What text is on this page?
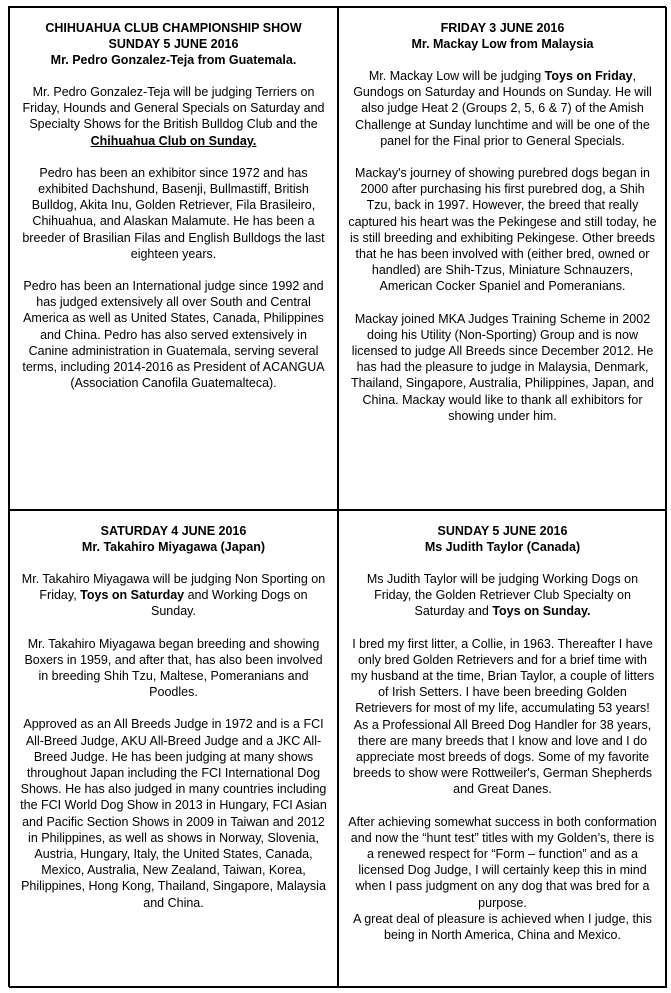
CHIHUAHUA CLUB CHAMPIONSHIP SHOW
SUNDAY 5 JUNE 2016
Mr. Pedro Gonzalez-Teja from Guatemala.

Mr. Pedro Gonzalez-Teja will be judging Terriers on Friday, Hounds and General Specials on Saturday and Specialty Shows for the British Bulldog Club and the Chihuahua Club on Sunday.

Pedro has been an exhibitor since 1972 and has exhibited Dachshund, Basenji, Bullmastiff, British Bulldog, Akita Inu, Golden Retriever, Fila Brasileiro, Chihuahua, and Alaskan Malamute. He has been a breeder of Brasilian Filas and English Bulldogs the last eighteen years.

Pedro has been an International judge since 1992 and has judged extensively all over South and Central America as well as United States, Canada, Philippines and China. Pedro has also served extensively in Canine administration in Guatemala, serving several terms, including 2014-2016 as President of ACANGUA (Association Canofila Guatemalteca).

FRIDAY 3 JUNE 2016
Mr. Mackay Low from Malaysia

Mr. Mackay Low will be judging Toys on Friday, Gundogs on Saturday and Hounds on Sunday. He will also judge Heat 2 (Groups 2, 5, 6 & 7) of the Amish Challenge at Sunday lunchtime and will be one of the panel for the Final prior to General Specials.

Mackay's journey of showing purebred dogs began in 2000 after purchasing his first purebred dog, a Shih Tzu, back in 1997. However, the breed that really captured his heart was the Pekingese and still today, he is still breeding and exhibiting Pekingese. Other breeds that he has been involved with (either bred, owned or handled) are Shih-Tzus, Miniature Schnauzers, American Cocker Spaniel and Pomeranians.

Mackay joined MKA Judges Training Scheme in 2002 doing his Utility (Non-Sporting) Group and is now licensed to judge All Breeds since December 2012. He has had the pleasure to judge in Malaysia, Denmark, Thailand, Singapore, Australia, Philippines, Japan, and China. Mackay would like to thank all exhibitors for showing under him.

SATURDAY 4 JUNE 2016
Mr. Takahiro Miyagawa (Japan)

Mr. Takahiro Miyagawa will be judging Non Sporting on Friday, Toys on Saturday and Working Dogs on Sunday.

Mr. Takahiro Miyagawa began breeding and showing Boxers in 1959, and after that, has also been involved in breeding Shih Tzu, Maltese, Pomeranians and Poodles.

Approved as an All Breeds Judge in 1972 and is a FCI All-Breed Judge, AKU All-Breed Judge and a JKC All-Breed Judge. He has been judging at many shows throughout Japan including the FCI International Dog Shows. He has also judged in many countries including the FCI World Dog Show in 2013 in Hungary, FCI Asian and Pacific Section Shows in 2009 in Taiwan and 2012 in Philippines, as well as shows in Norway, Slovenia, Austria, Hungary, Italy, the United States, Canada, Mexico, Australia, New Zealand, Taiwan, Korea, Philippines, Hong Kong, Thailand, Singapore, Malaysia and China.

SUNDAY 5 JUNE 2016
Ms Judith Taylor (Canada)

Ms Judith Taylor will be judging Working Dogs on Friday, the Golden Retriever Club Specialty on Saturday and Toys on Sunday.

I bred my first litter, a Collie, in 1963. Thereafter I have only bred Golden Retrievers and for a brief time with my husband at the time, Brian Taylor, a couple of litters of Irish Setters. I have been breeding Golden Retrievers for most of my life, accumulating 53 years! As a Professional All Breed Dog Handler for 38 years, there are many breeds that I know and love and I do appreciate most breeds of dogs. Some of my favorite breeds to show were Rottweiler's, German Shepherds and Great Danes.

After achieving somewhat success in both conformation and now the “hunt test” titles with my Golden’s, there is a renewed respect for “Form – function” and as a licensed Dog Judge, I will certainly keep this in mind when I pass judgment on any dog that was bred for a purpose.

A great deal of pleasure is achieved when I judge, this being in North America, China and Mexico.
